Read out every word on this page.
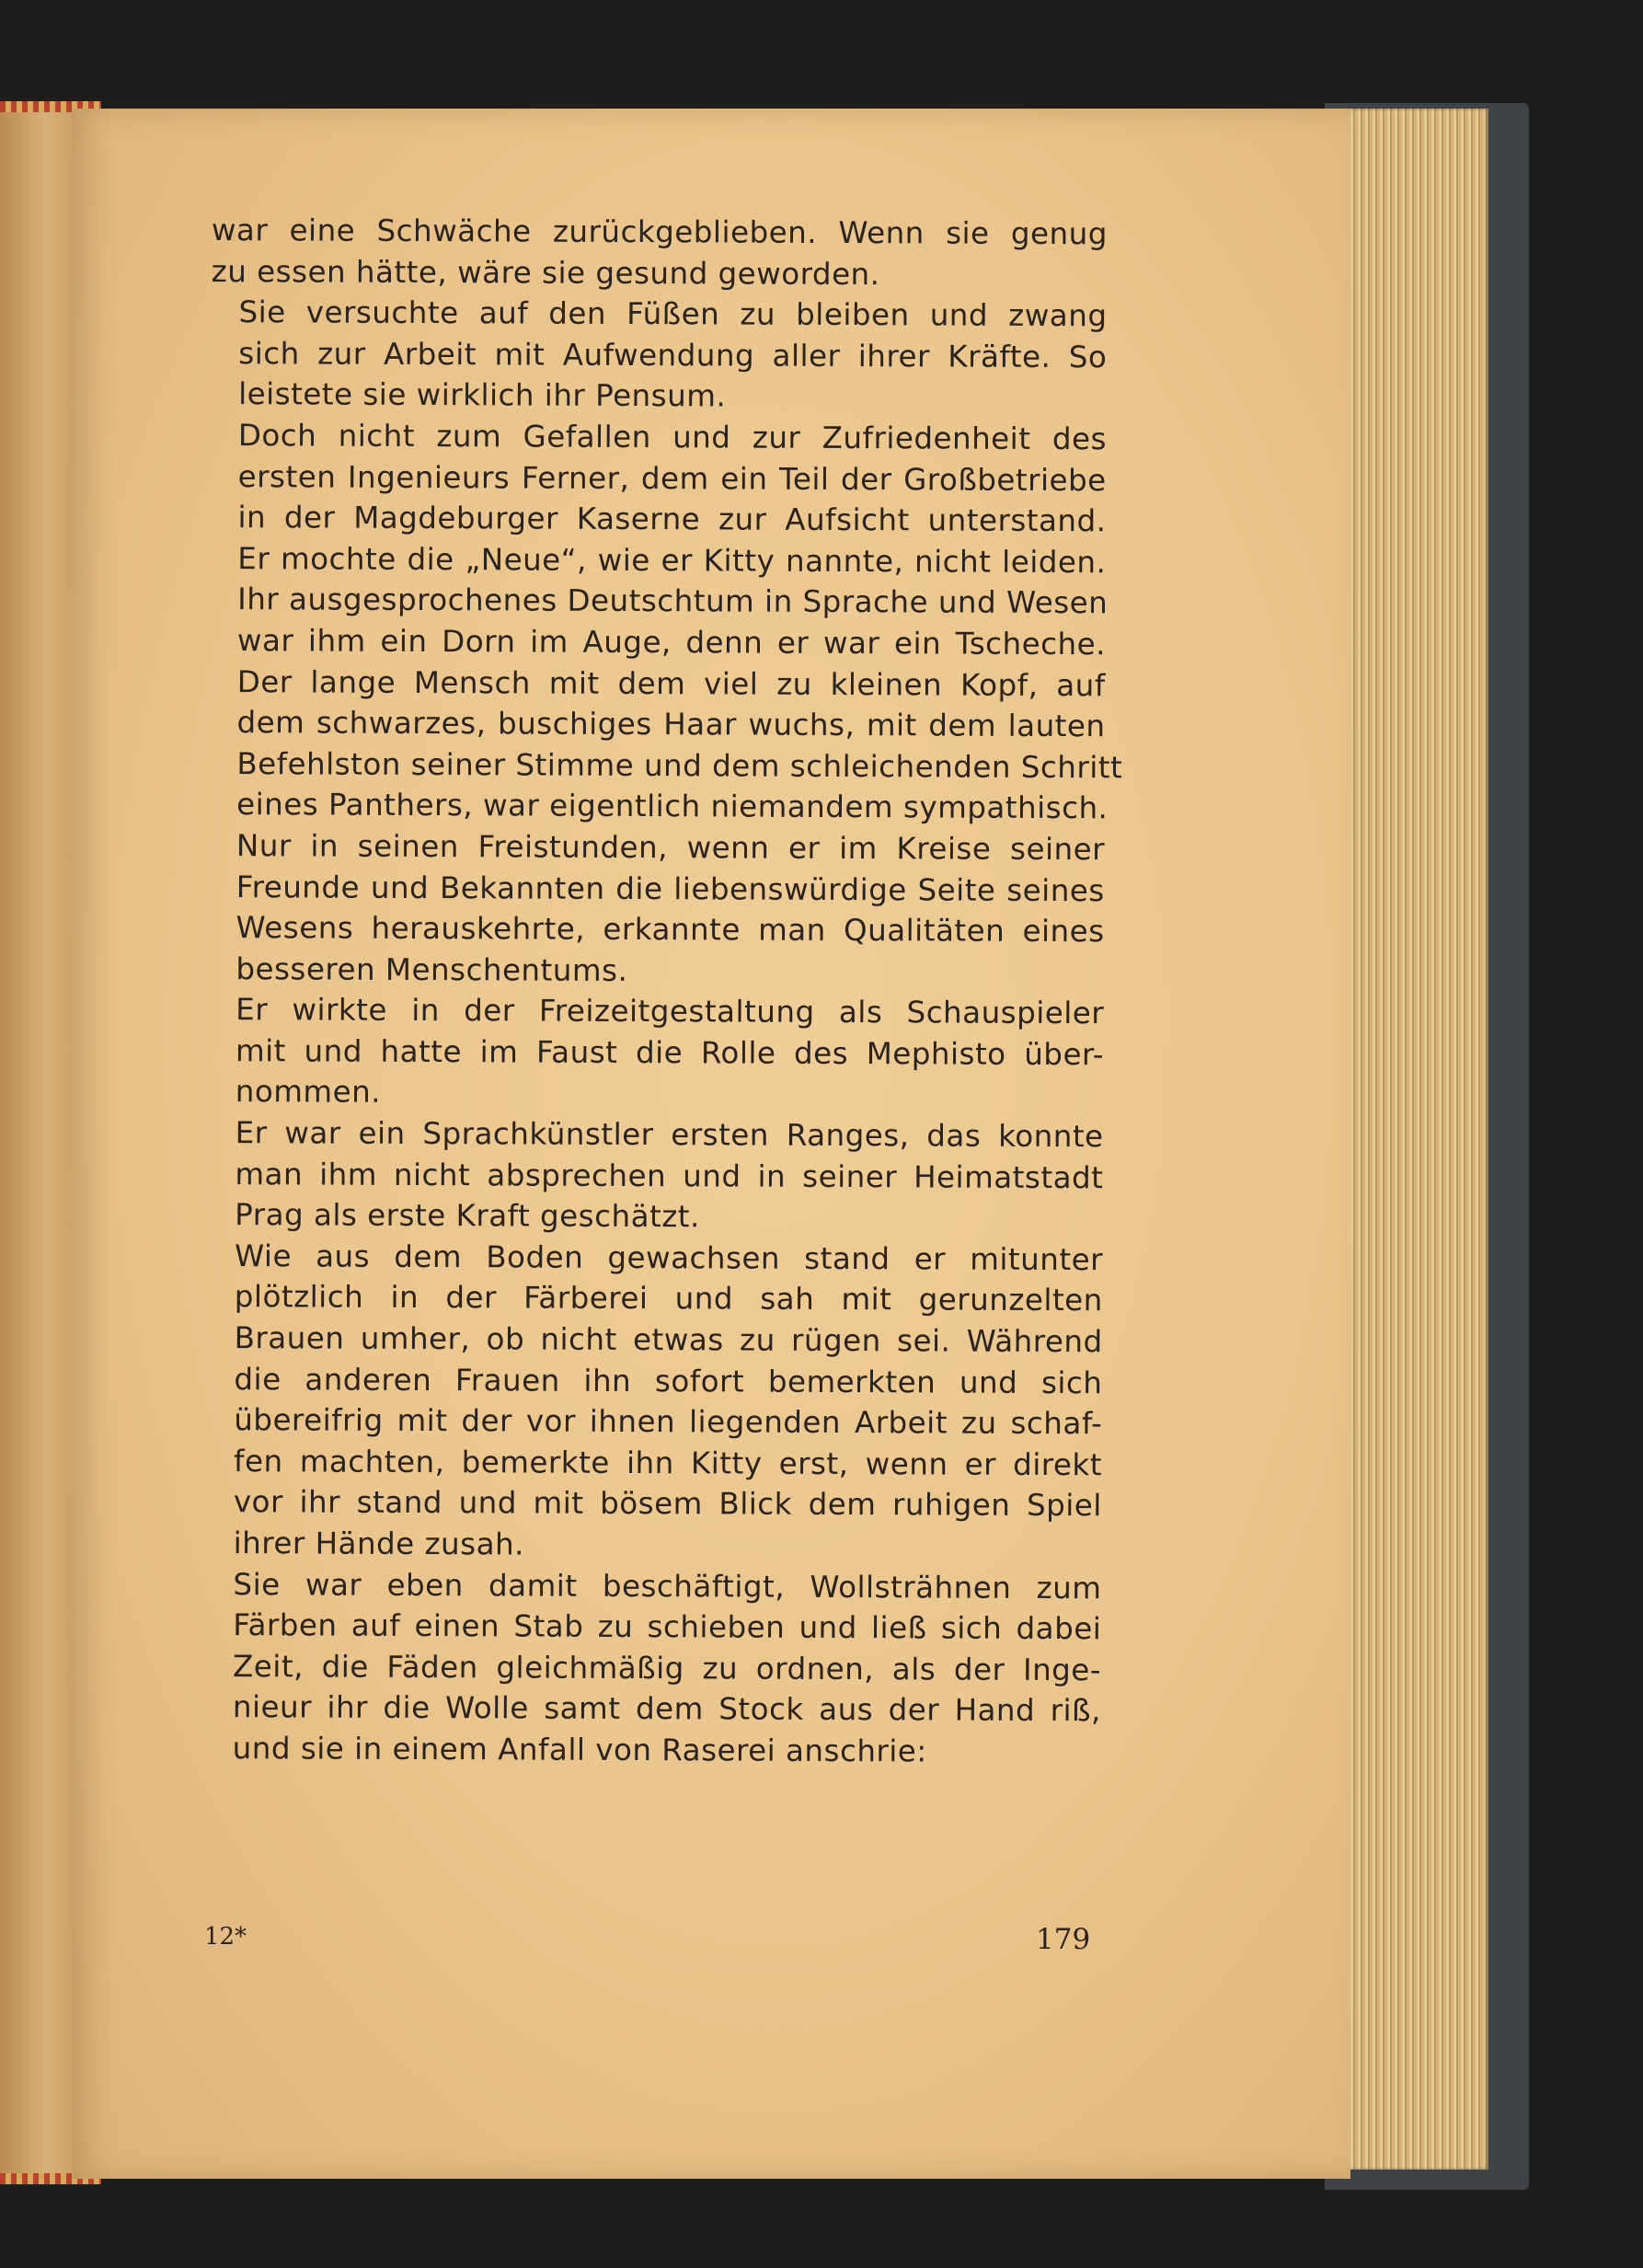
war eine Schwäche zurückgeblieben. Wenn sie genug
zu essen hätte, wäre sie gesund geworden.
Sie versuchte auf den Füßen zu bleiben und zwang
sich zur Arbeit mit Aufwendung aller ihrer Kräfte. So
leistete sie wirklich ihr Pensum.
Doch nicht zum Gefallen und zur Zufriedenheit des
ersten Ingenieurs Ferner, dem ein Teil der Großbetriebe
in der Magdeburger Kaserne zur Aufsicht unterstand.
Er mochte die „Neue“, wie er Kitty nannte, nicht leiden.
Ihr ausgesprochenes Deutschtum in Sprache und Wesen
war ihm ein Dorn im Auge, denn er war ein Tscheche.
Der lange Mensch mit dem viel zu kleinen Kopf, auf
dem schwarzes, buschiges Haar wuchs, mit dem lauten
Befehlston seiner Stimme und dem schleichenden Schritt
eines Panthers, war eigentlich niemandem sympathisch.
Nur in seinen Freistunden, wenn er im Kreise seiner
Freunde und Bekannten die liebenswürdige Seite seines
Wesens herauskehrte, erkannte man Qualitäten eines
besseren Menschentums.
Er wirkte in der Freizeitgestaltung als Schauspieler
mit und hatte im Faust die Rolle des Mephisto über-
nommen.
Er war ein Sprachkünstler ersten Ranges, das konnte
man ihm nicht absprechen und in seiner Heimatstadt
Prag als erste Kraft geschätzt.
Wie aus dem Boden gewachsen stand er mitunter
plötzlich in der Färberei und sah mit gerunzelten
Brauen umher, ob nicht etwas zu rügen sei. Während
die anderen Frauen ihn sofort bemerkten und sich
übereifrig mit der vor ihnen liegenden Arbeit zu schaf-
fen machten, bemerkte ihn Kitty erst, wenn er direkt
vor ihr stand und mit bösem Blick dem ruhigen Spiel
ihrer Hände zusah.
Sie war eben damit beschäftigt, Wollsträhnen zum
Färben auf einen Stab zu schieben und ließ sich dabei
Zeit, die Fäden gleichmäßig zu ordnen, als der Inge-
nieur ihr die Wolle samt dem Stock aus der Hand riß,
und sie in einem Anfall von Raserei anschrie:
12*	179
